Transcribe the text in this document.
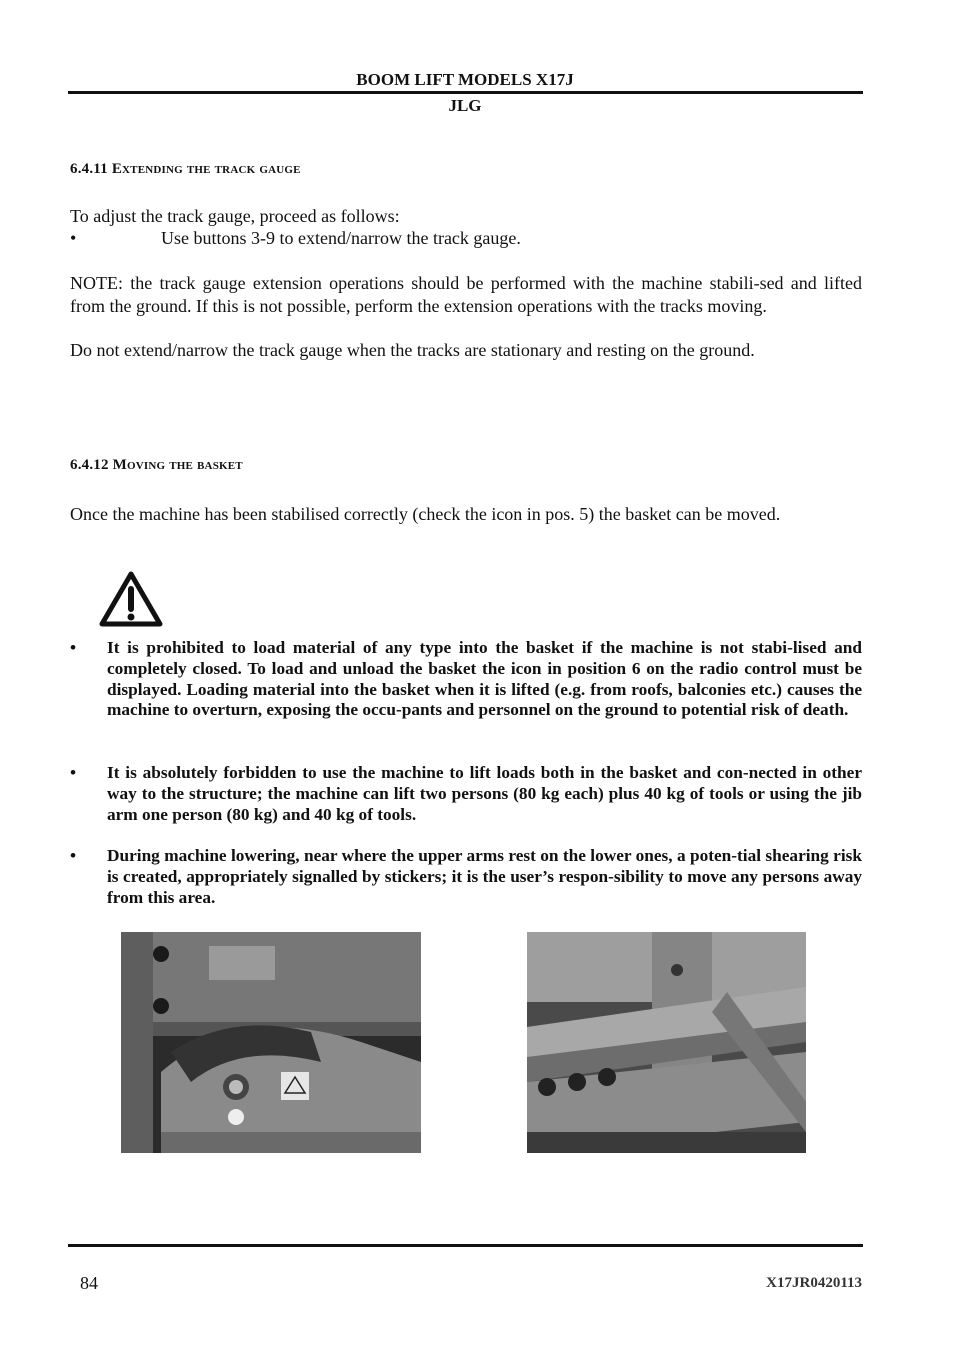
BOOM LIFT MODELS X17J
JLG
6.4.11 Extending the track gauge
To adjust the track gauge, proceed as follows:
•	Use buttons 3-9 to extend/narrow the track gauge.
NOTE: the track gauge extension operations should be performed with the machine stabili-sed and lifted from the ground. If this is not possible, perform the extension operations with the tracks moving.
Do not extend/narrow the track gauge when the tracks are stationary and resting on the ground.
6.4.12 Moving the basket
Once the machine has been stabilised correctly (check the icon in pos. 5) the basket can be moved.
• It is prohibited to load material of any type into the basket if the machine is not stabi-lised and completely closed. To load and unload the basket the icon in position 6 on the radio control must be displayed. Loading material into the basket when it is lifted (e.g. from roofs, balconies etc.) causes the machine to overturn, exposing the occu-pants and personnel on the ground to potential risk of death.
• It is absolutely forbidden to use the machine to lift loads both in the basket and con-nected in other way to the structure; the machine can lift two persons (80 kg each) plus 40 kg of tools or using the jib arm one person (80 kg) and 40 kg of tools.
• During machine lowering, near where the upper arms rest on the lower ones, a poten-tial shearing risk is created, appropriately signalled by stickers; it is the user’s respon-sibility to move any persons away from this area.
84	X17JR0420113
